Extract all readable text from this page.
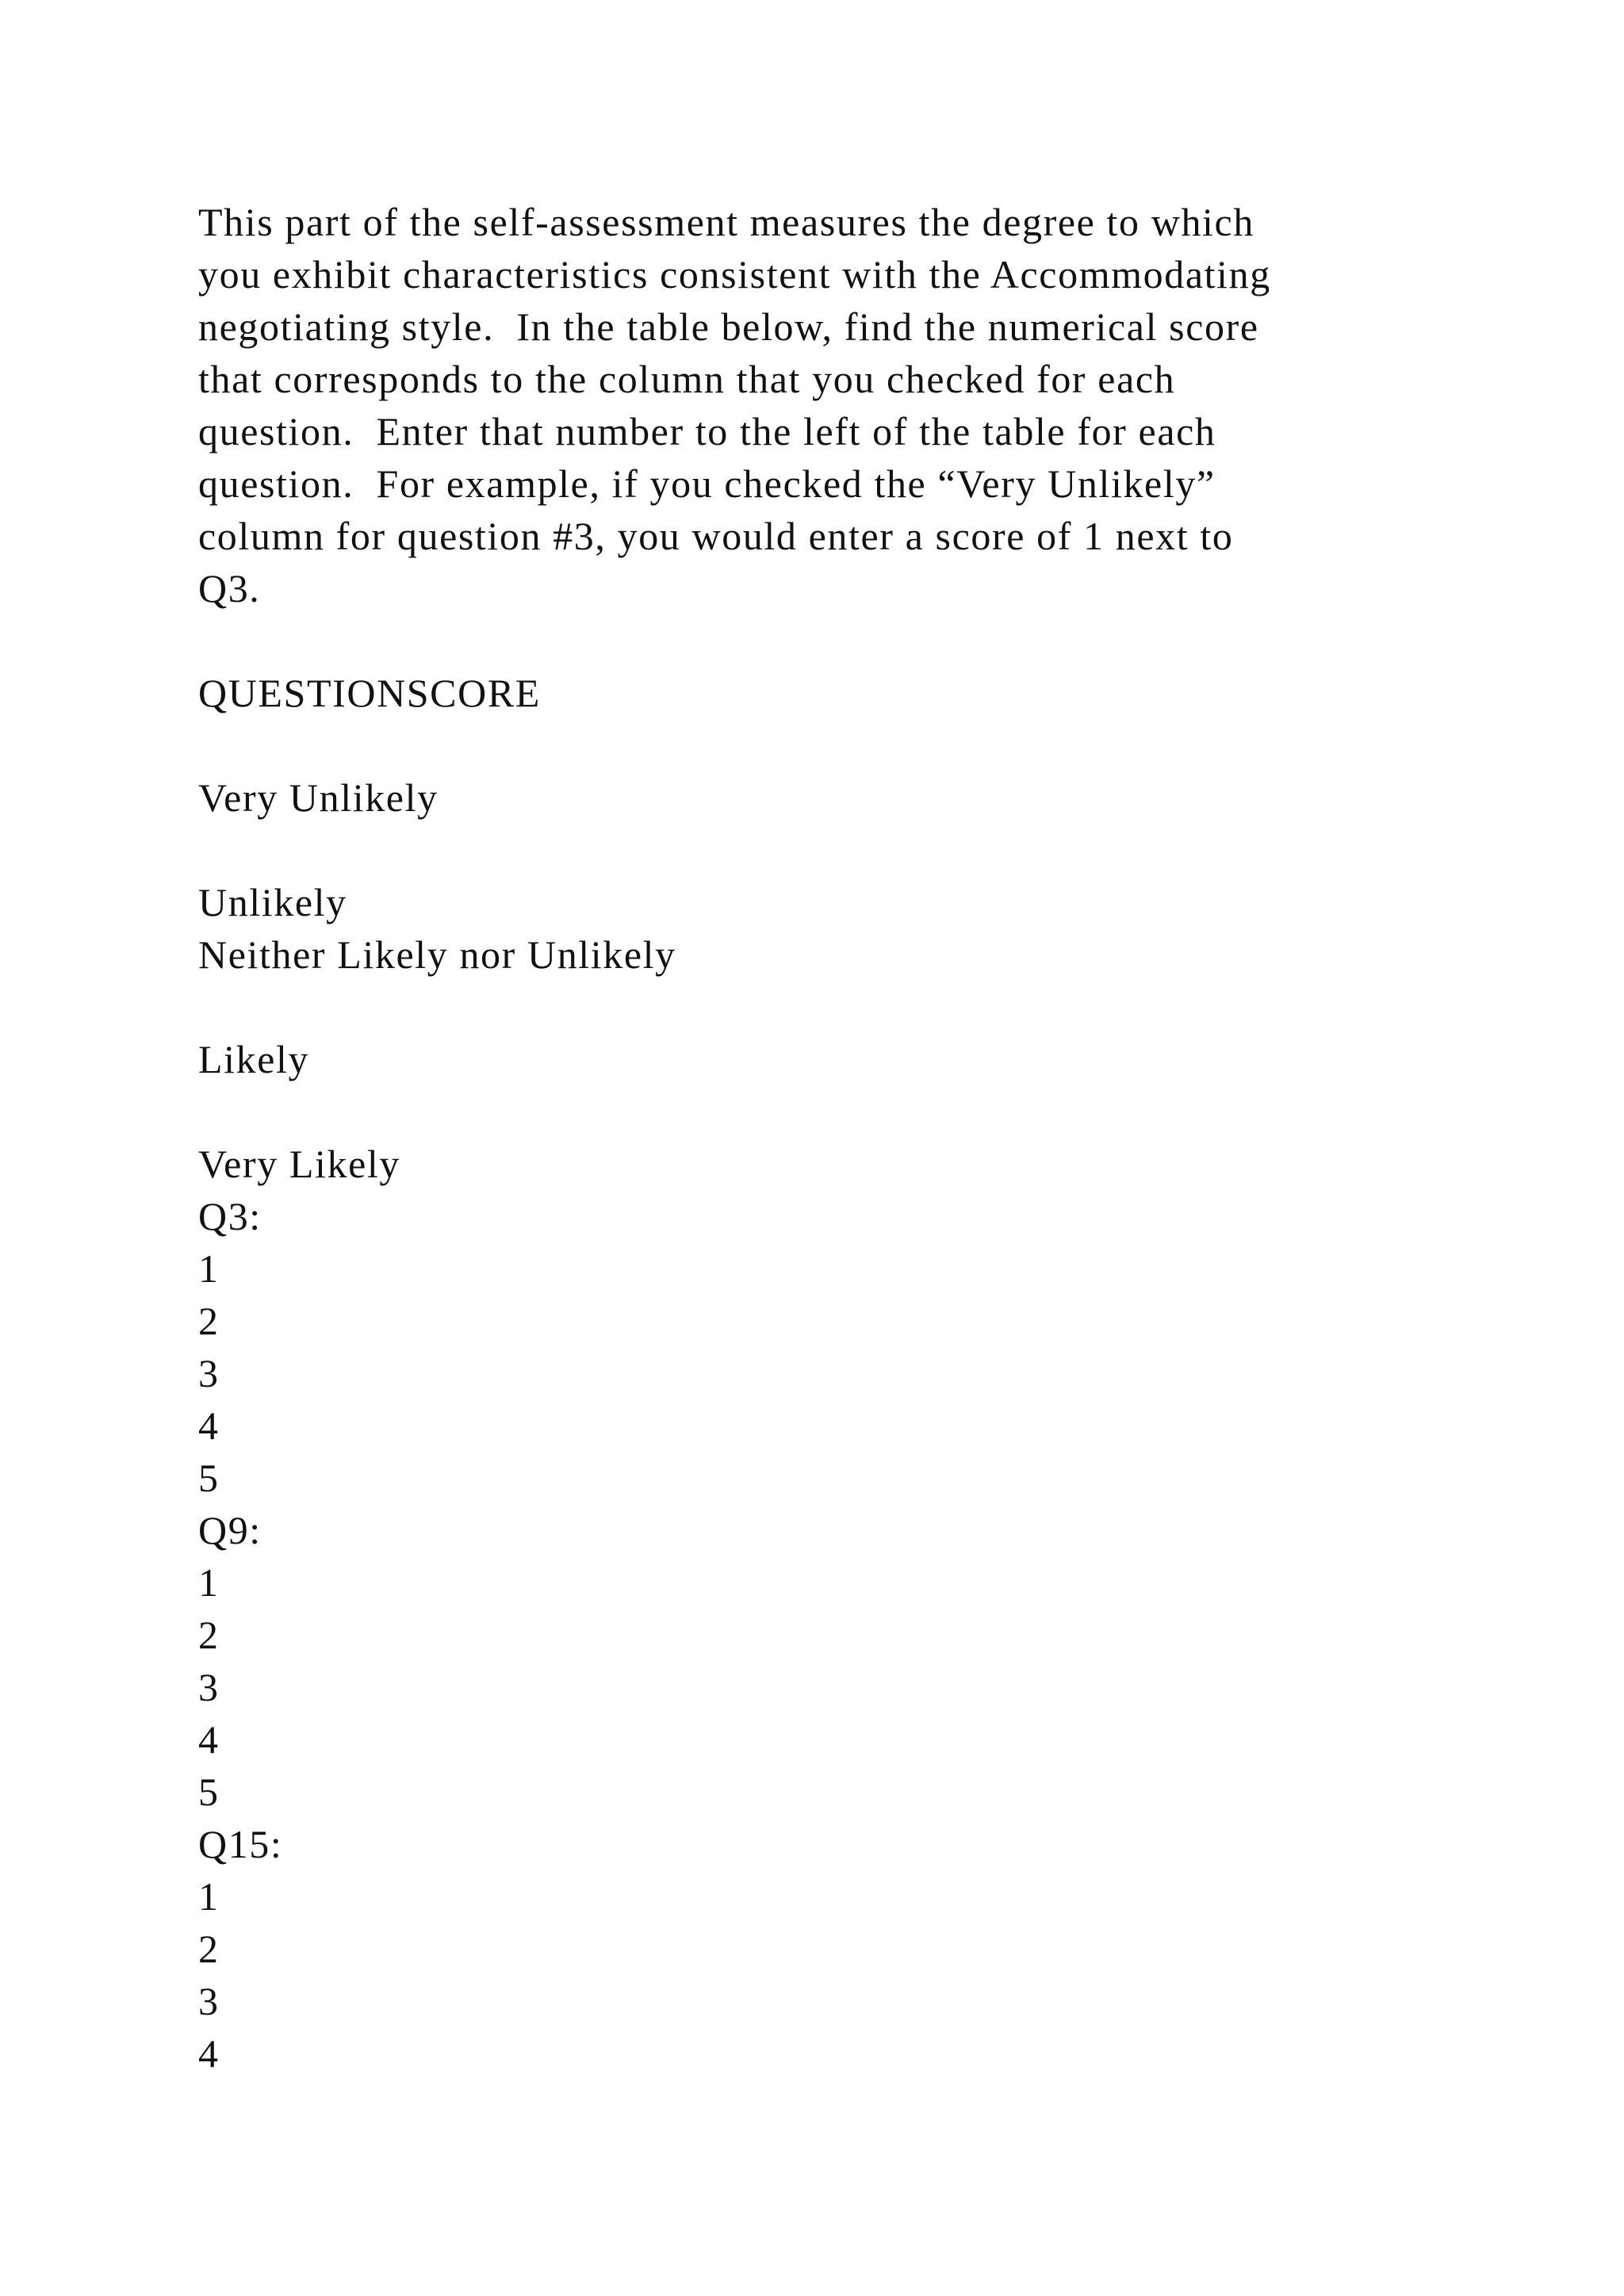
This part of the self-assessment measures the degree to which
you exhibit characteristics consistent with the Accommodating
negotiating style.  In the table below, find the numerical score
that corresponds to the column that you checked for each
question.  Enter that number to the left of the table for each
question.  For example, if you checked the “Very Unlikely”
column for question #3, you would enter a score of 1 next to
Q3.
QUESTIONSCORE
Very Unlikely
Unlikely
Neither Likely nor Unlikely
Likely
Very Likely
Q3:
1
2
3
4
5
Q9:
1
2
3
4
5
Q15:
1
2
3
4
